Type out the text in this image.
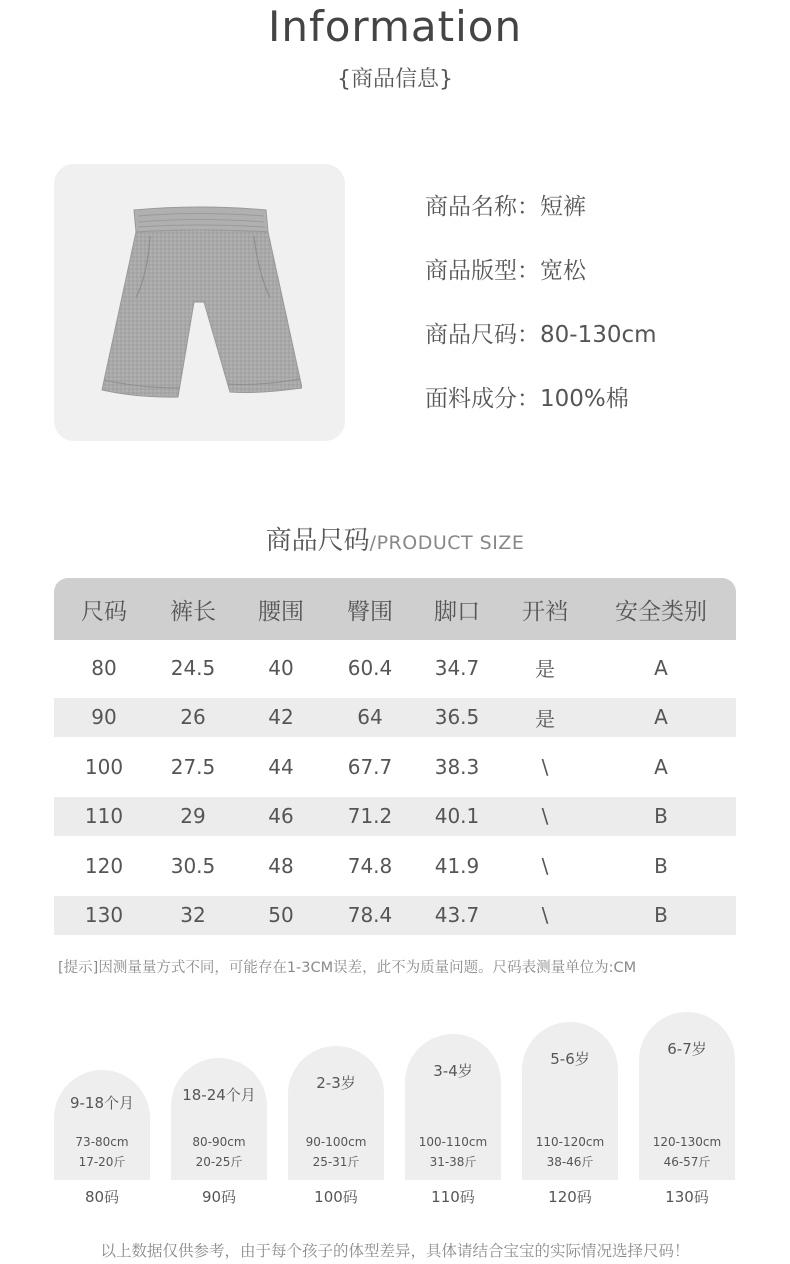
Information
{商品信息}
商品名称：短裤
商品版型：宽松
商品尺码：80-130cm
面料成分：100%棉
商品尺码/PRODUCT SIZE
尺码	裤长	腰围	臀围	脚口	开裆	安全类别
80	24.5	40	60.4	34.7	是	A
90	26	42	64	36.5	是	A
100	27.5	44	67.7	38.3	\	A
110	29	46	71.2	40.1	\	B
120	30.5	48	74.8	41.9	\	B
130	32	50	78.4	43.7	\	B
[提示]因测量量方式不同，可能存在1-3CM误差，此不为质量问题。尺码表测量单位为:CM
9-18个月
73-80cm
17-20斤
18-24个月
80-90cm
20-25斤
2-3岁
90-100cm
25-31斤
3-4岁
100-110cm
31-38斤
5-6岁
110-120cm
38-46斤
6-7岁
120-130cm
46-57斤
80码	90码	100码	110码	120码	130码
以上数据仅供参考，由于每个孩子的体型差异，具体请结合宝宝的实际情况选择尺码！
